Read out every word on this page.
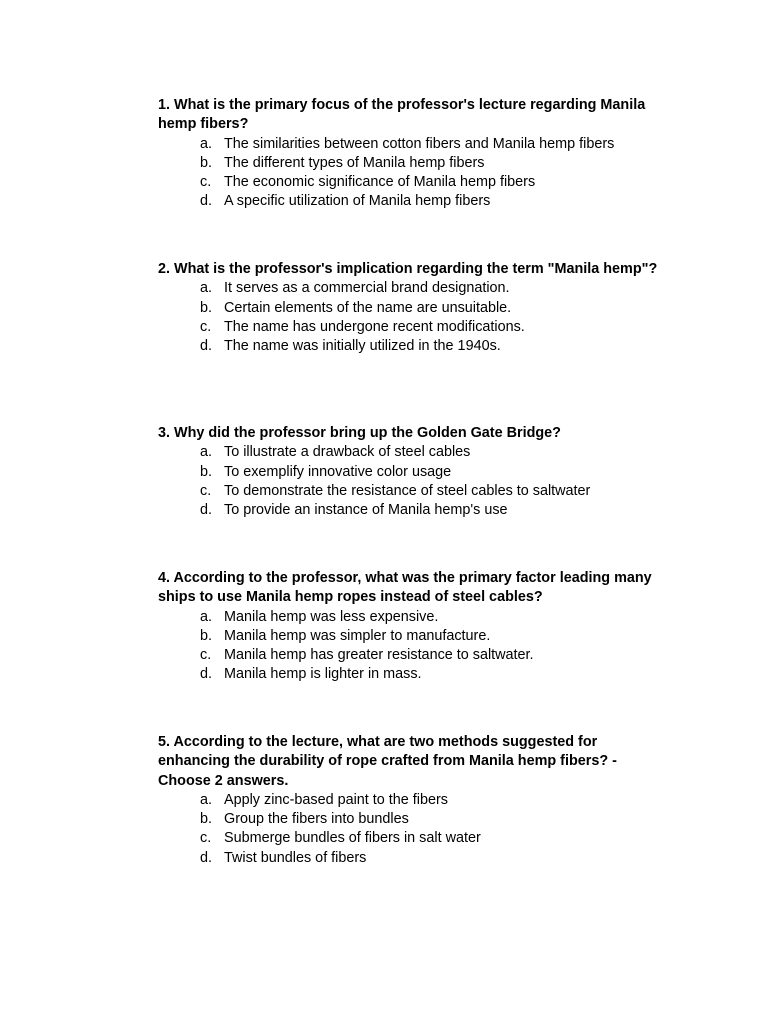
1. What is the primary focus of the professor's lecture regarding Manila hemp fibers?

a. The similarities between cotton fibers and Manila hemp fibers
b. The different types of Manila hemp fibers
c. The economic significance of Manila hemp fibers
d. A specific utilization of Manila hemp fibers

2. What is the professor's implication regarding the term "Manila hemp"?

a. It serves as a commercial brand designation.
b. Certain elements of the name are unsuitable.
c. The name has undergone recent modifications.
d. The name was initially utilized in the 1940s.

3. Why did the professor bring up the Golden Gate Bridge?

a. To illustrate a drawback of steel cables
b. To exemplify innovative color usage
c. To demonstrate the resistance of steel cables to saltwater
d. To provide an instance of Manila hemp's use

4. According to the professor, what was the primary factor leading many ships to use Manila hemp ropes instead of steel cables?

a. Manila hemp was less expensive.
b. Manila hemp was simpler to manufacture.
c. Manila hemp has greater resistance to saltwater.
d. Manila hemp is lighter in mass.

5. According to the lecture, what are two methods suggested for enhancing the durability of rope crafted from Manila hemp fibers? - Choose 2 answers.

a. Apply zinc-based paint to the fibers
b. Group the fibers into bundles
c. Submerge bundles of fibers in salt water
d. Twist bundles of fibers
